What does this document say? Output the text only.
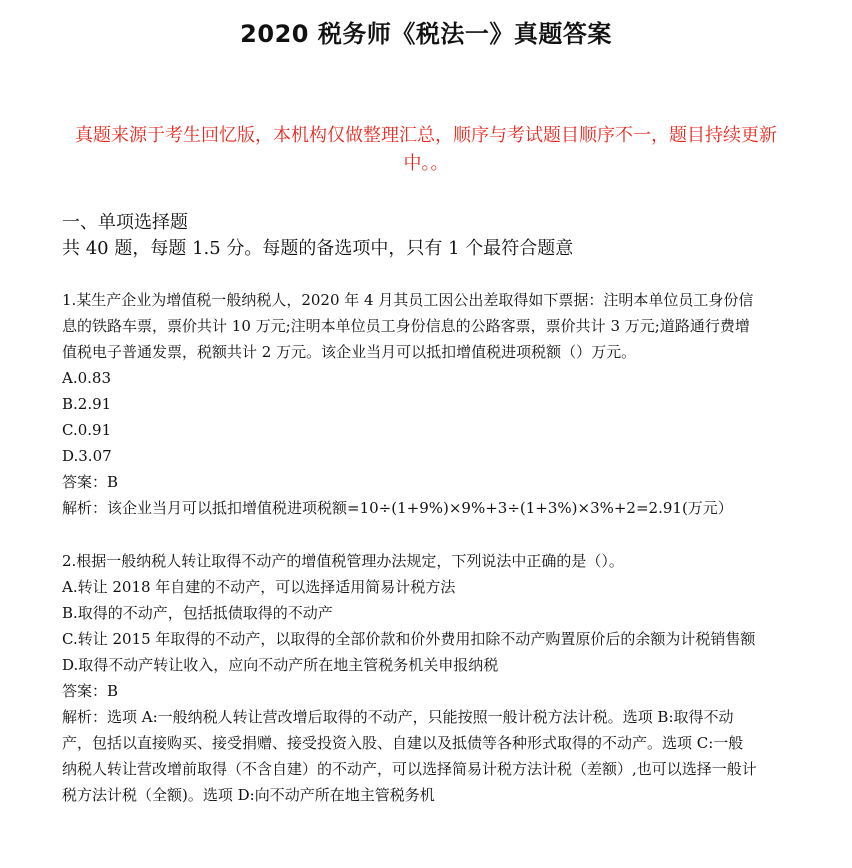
2020 税务师《税法一》真题答案
真题来源于考生回忆版，本机构仅做整理汇总，顺序与考试题目顺序不一，题目持续更新中。。
一、单项选择题
共 40 题，每题 1.5 分。每题的备选项中，只有 1 个最符合题意

1.某生产企业为增值税一般纳税人，2020 年 4 月其员工因公出差取得如下票据：注明本单位员工身份信息的铁路车票，票价共计 10 万元;注明本单位员工身份信息的公路客票，票价共计 3 万元;道路通行费增值税电子普通发票，税额共计 2 万元。该企业当月可以抵扣增值税进项税额（）万元。

A.0.83

B.2.91

C.0.91

D.3.07

答案：B

解析：该企业当月可以抵扣增值税进项税额=10÷(1+9%)×9%+3÷(1+3%)×3%+2=2.91(万元）

2.根据一般纳税人转让取得不动产的增值税管理办法规定，下列说法中正确的是（）。

A.转让 2018 年自建的不动产，可以选择适用简易计税方法

B.取得的不动产，包括抵债取得的不动产

C.转让 2015 年取得的不动产，以取得的全部价款和价外费用扣除不动产购置原价后的余额为计税销售额

D.取得不动产转让收入，应向不动产所在地主管税务机关申报纳税

答案：B

解析：选项 A:一般纳税人转让营改增后取得的不动产，只能按照一般计税方法计税。选项 B:取得不动产，包括以直接购买、接受捐赠、接受投资入股、自建以及抵债等各种形式取得的不动产。选项 C:一般纳税人转让营改增前取得（不含自建）的不动产，可以选择简易计税方法计税（差额）,也可以选择一般计税方法计税（全额)。选项 D:向不动产所在地主管税务机
